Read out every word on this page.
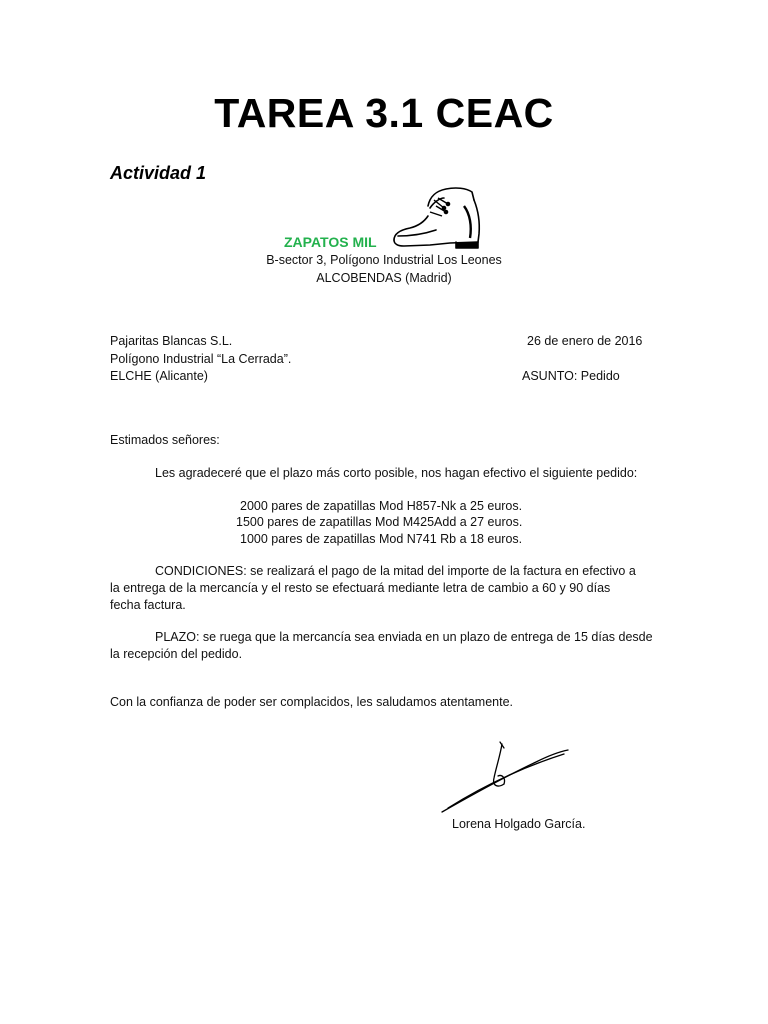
TAREA 3.1 CEAC
Actividad 1
ZAPATOS MIL
B-sector 3, Polígono Industrial Los Leones
ALCOBENDAS (Madrid)
Pajaritas Blancas S.L.
Polígono Industrial “La Cerrada”.
ELCHE (Alicante)
26 de enero de 2016
ASUNTO: Pedido
Estimados señores:
Les agradeceré que el plazo más corto posible, nos hagan efectivo el siguiente pedido:
2000 pares de zapatillas Mod H857-Nk a 25 euros.
1500 pares de zapatillas Mod M425Add a 27 euros.
1000 pares de zapatillas Mod N741 Rb a 18 euros.
CONDICIONES: se realizará el pago de la mitad del importe de la factura en efectivo a
la entrega de la mercancía y el resto se efectuará mediante letra de cambio a 60 y 90 días
fecha factura.
PLAZO: se ruega que la mercancía sea enviada en un plazo de entrega de 15 días desde
la recepción del pedido.
Con la confianza de poder ser complacidos, les saludamos atentamente.
Lorena Holgado García.
